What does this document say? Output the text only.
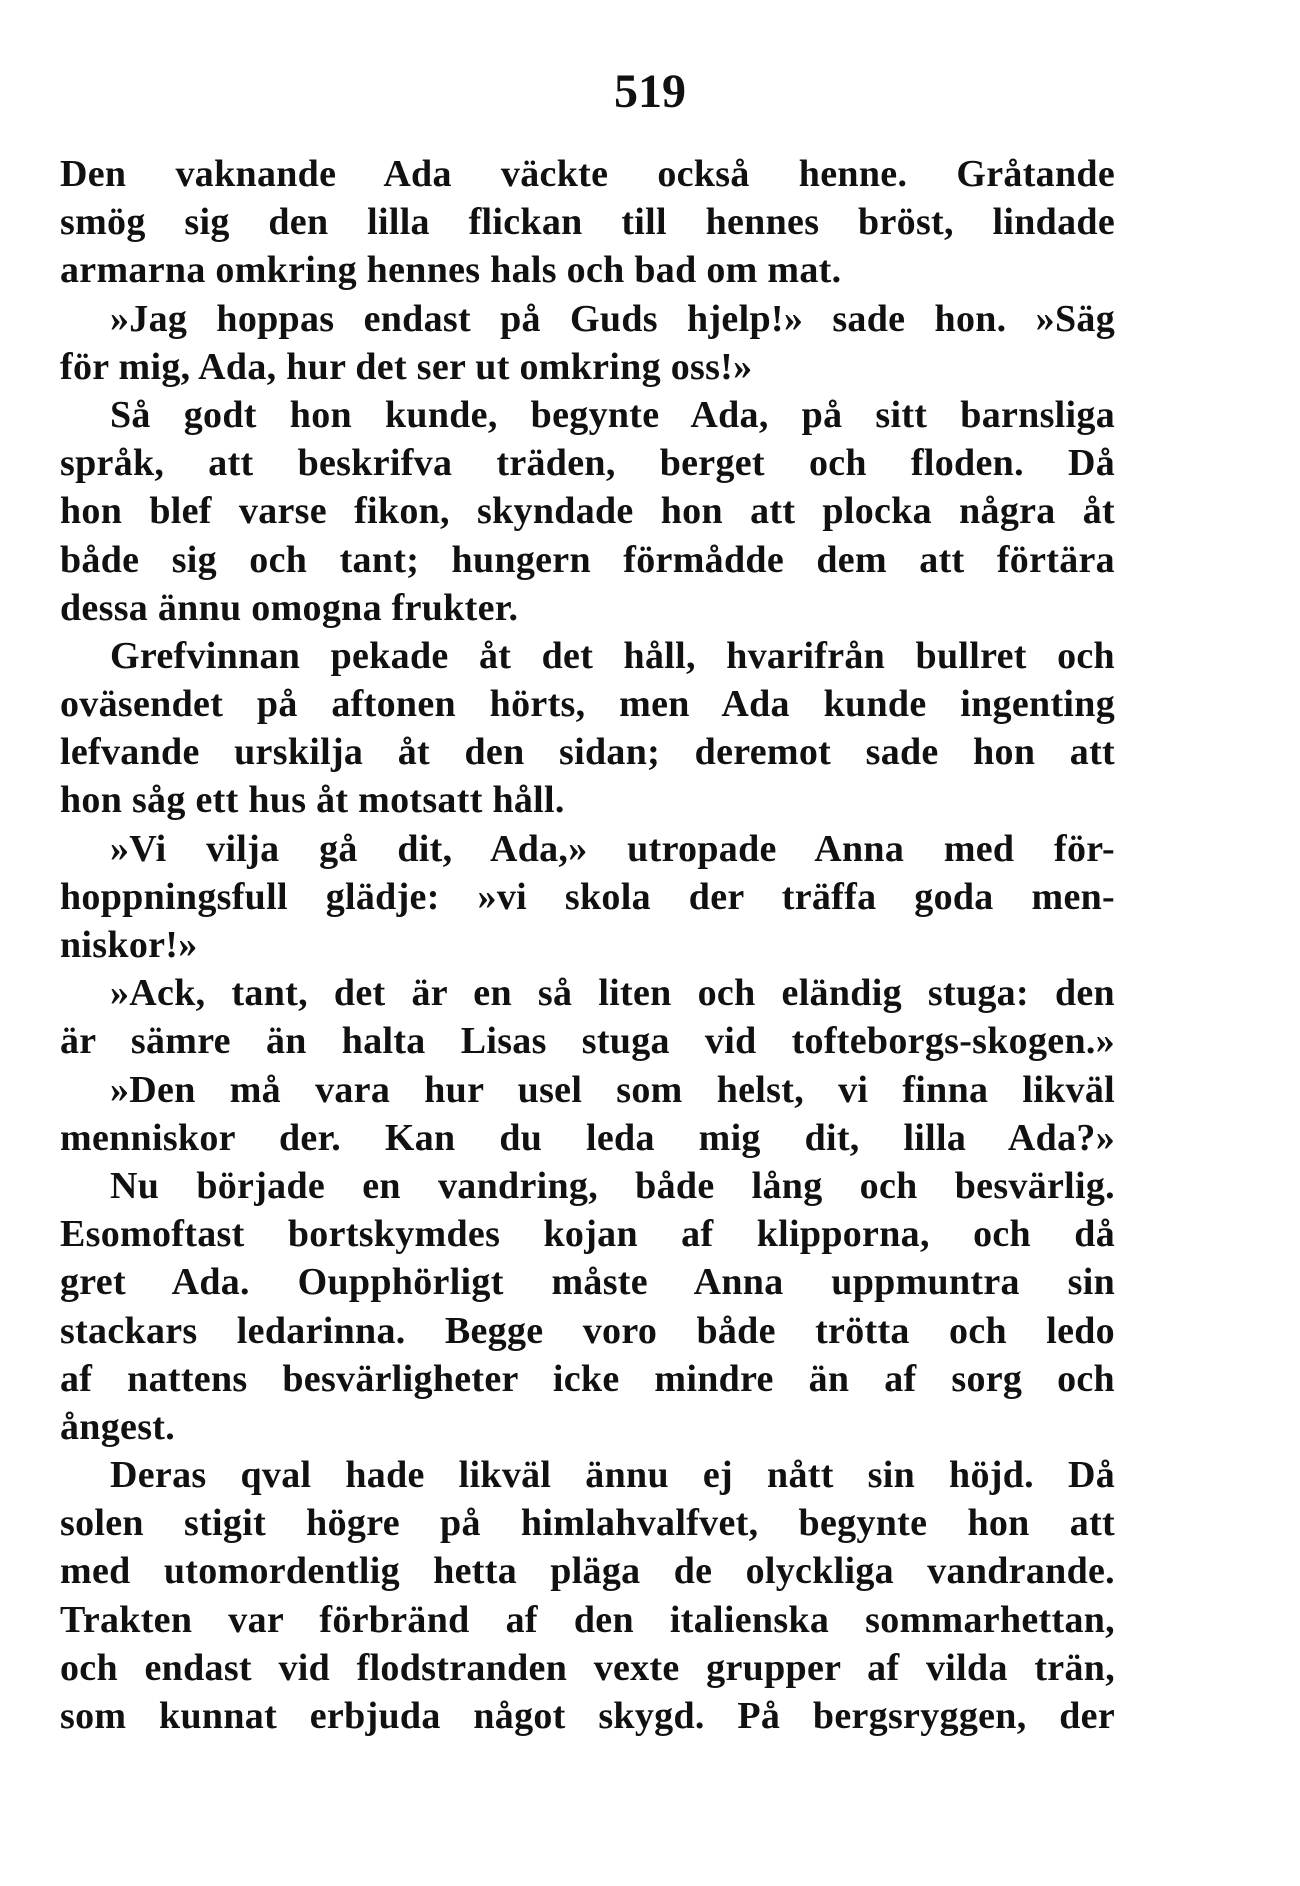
519
Den vaknande Ada väckte också henne. Gråtande
smög sig den lilla flickan till hennes bröst, lindade
armarna omkring hennes hals och bad om mat.
»Jag hoppas endast på Guds hjelp!» sade hon. »Säg
för mig, Ada, hur det ser ut omkring oss!»
Så godt hon kunde, begynte Ada, på sitt barnsliga
språk, att beskrifva träden, berget och floden. Då
hon blef varse fikon, skyndade hon att plocka några åt
både sig och tant; hungern förmådde dem att förtära
dessa ännu omogna frukter.
Grefvinnan pekade åt det håll, hvarifrån bullret och
oväsendet på aftonen hörts, men Ada kunde ingenting
lefvande urskilja åt den sidan; deremot sade hon att
hon såg ett hus åt motsatt håll.
»Vi vilja gå dit, Ada,» utropade Anna med för-
hoppningsfull glädje: »vi skola der träffa goda men-
niskor!»
»Ack, tant, det är en så liten och eländig stuga: den
är sämre än halta Lisas stuga vid tofteborgs-skogen.»
»Den må vara hur usel som helst, vi finna likväl
menniskor der. Kan du leda mig dit, lilla Ada?»
Nu började en vandring, både lång och besvärlig.
Esomoftast bortskymdes kojan af klipporna, och då
gret Ada. Oupphörligt måste Anna uppmuntra sin
stackars ledarinna. Begge voro både trötta och ledo
af nattens besvärligheter icke mindre än af sorg och
ångest.
Deras qval hade likväl ännu ej nått sin höjd. Då
solen stigit högre på himlahvalfvet, begynte hon att
med utomordentlig hetta pläga de olyckliga vandrande.
Trakten var förbränd af den italienska sommarhettan,
och endast vid flodstranden vexte grupper af vilda trän,
som kunnat erbjuda något skygd. På bergsryggen, der
